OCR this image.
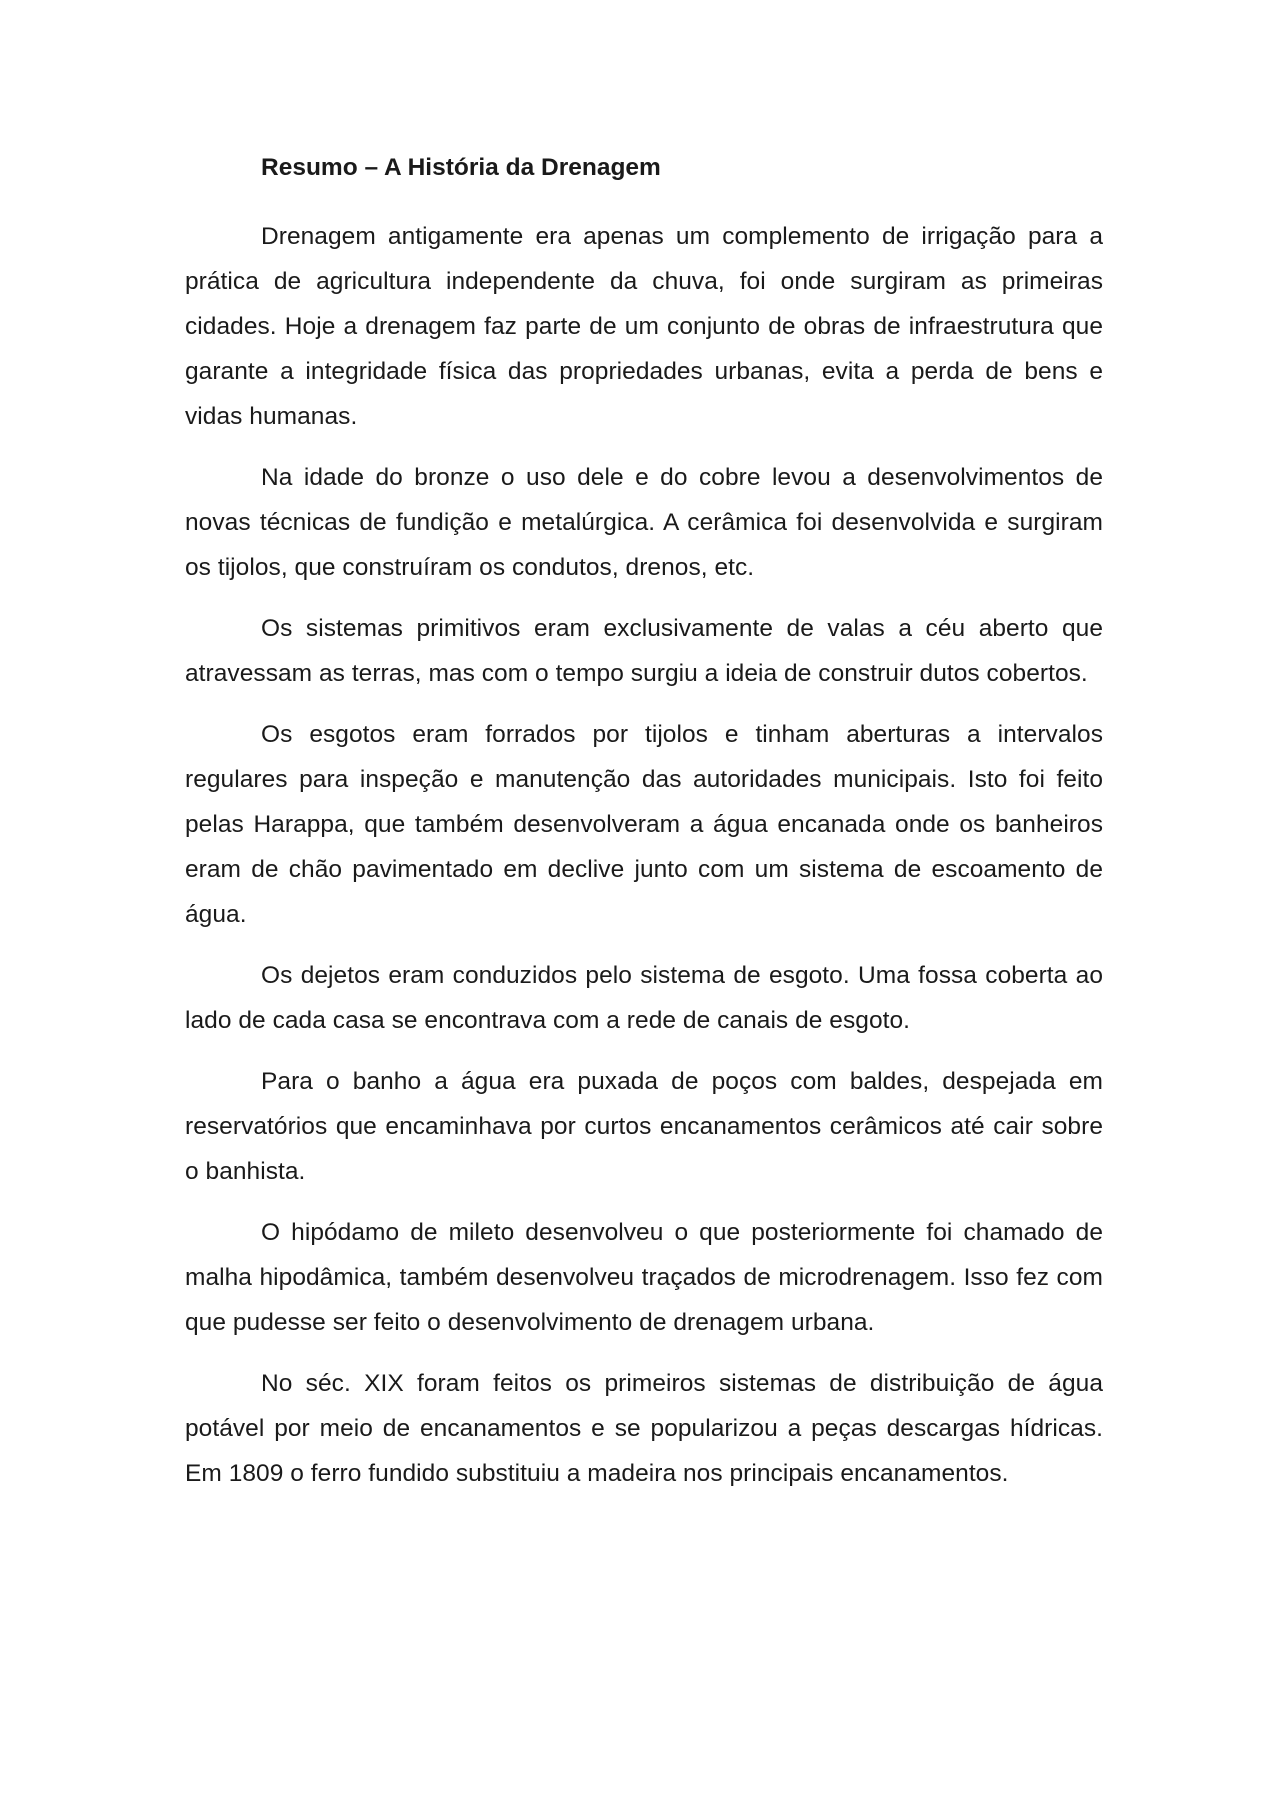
Resumo – A História da Drenagem

Drenagem antigamente era apenas um complemento de irrigação para a prática de agricultura independente da chuva, foi onde surgiram as primeiras cidades. Hoje a drenagem faz parte de um conjunto de obras de infraestrutura que garante a integridade física das propriedades urbanas, evita a perda de bens e vidas humanas.

Na idade do bronze o uso dele e do cobre levou a desenvolvimentos de novas técnicas de fundição e metalúrgica. A cerâmica foi desenvolvida e surgiram os tijolos, que construíram os condutos, drenos, etc.

Os sistemas primitivos eram exclusivamente de valas a céu aberto que atravessam as terras, mas com o tempo surgiu a ideia de construir dutos cobertos.

Os esgotos eram forrados por tijolos e tinham aberturas a intervalos regulares para inspeção e manutenção das autoridades municipais. Isto foi feito pelas Harappa, que também desenvolveram a água encanada onde os banheiros eram de chão pavimentado em declive junto com um sistema de escoamento de água.

Os dejetos eram conduzidos pelo sistema de esgoto. Uma fossa coberta ao lado de cada casa se encontrava com a rede de canais de esgoto.

Para o banho a água era puxada de poços com baldes, despejada em reservatórios que encaminhava por curtos encanamentos cerâmicos até cair sobre o banhista.

O hipódamo de mileto desenvolveu o que posteriormente foi chamado de malha hipodâmica, também desenvolveu traçados de microdrenagem. Isso fez com que pudesse ser feito o desenvolvimento de drenagem urbana.

No séc. XIX foram feitos os primeiros sistemas de distribuição de água potável por meio de encanamentos e se popularizou a peças descargas hídricas. Em 1809 o ferro fundido substituiu a madeira nos principais encanamentos.
